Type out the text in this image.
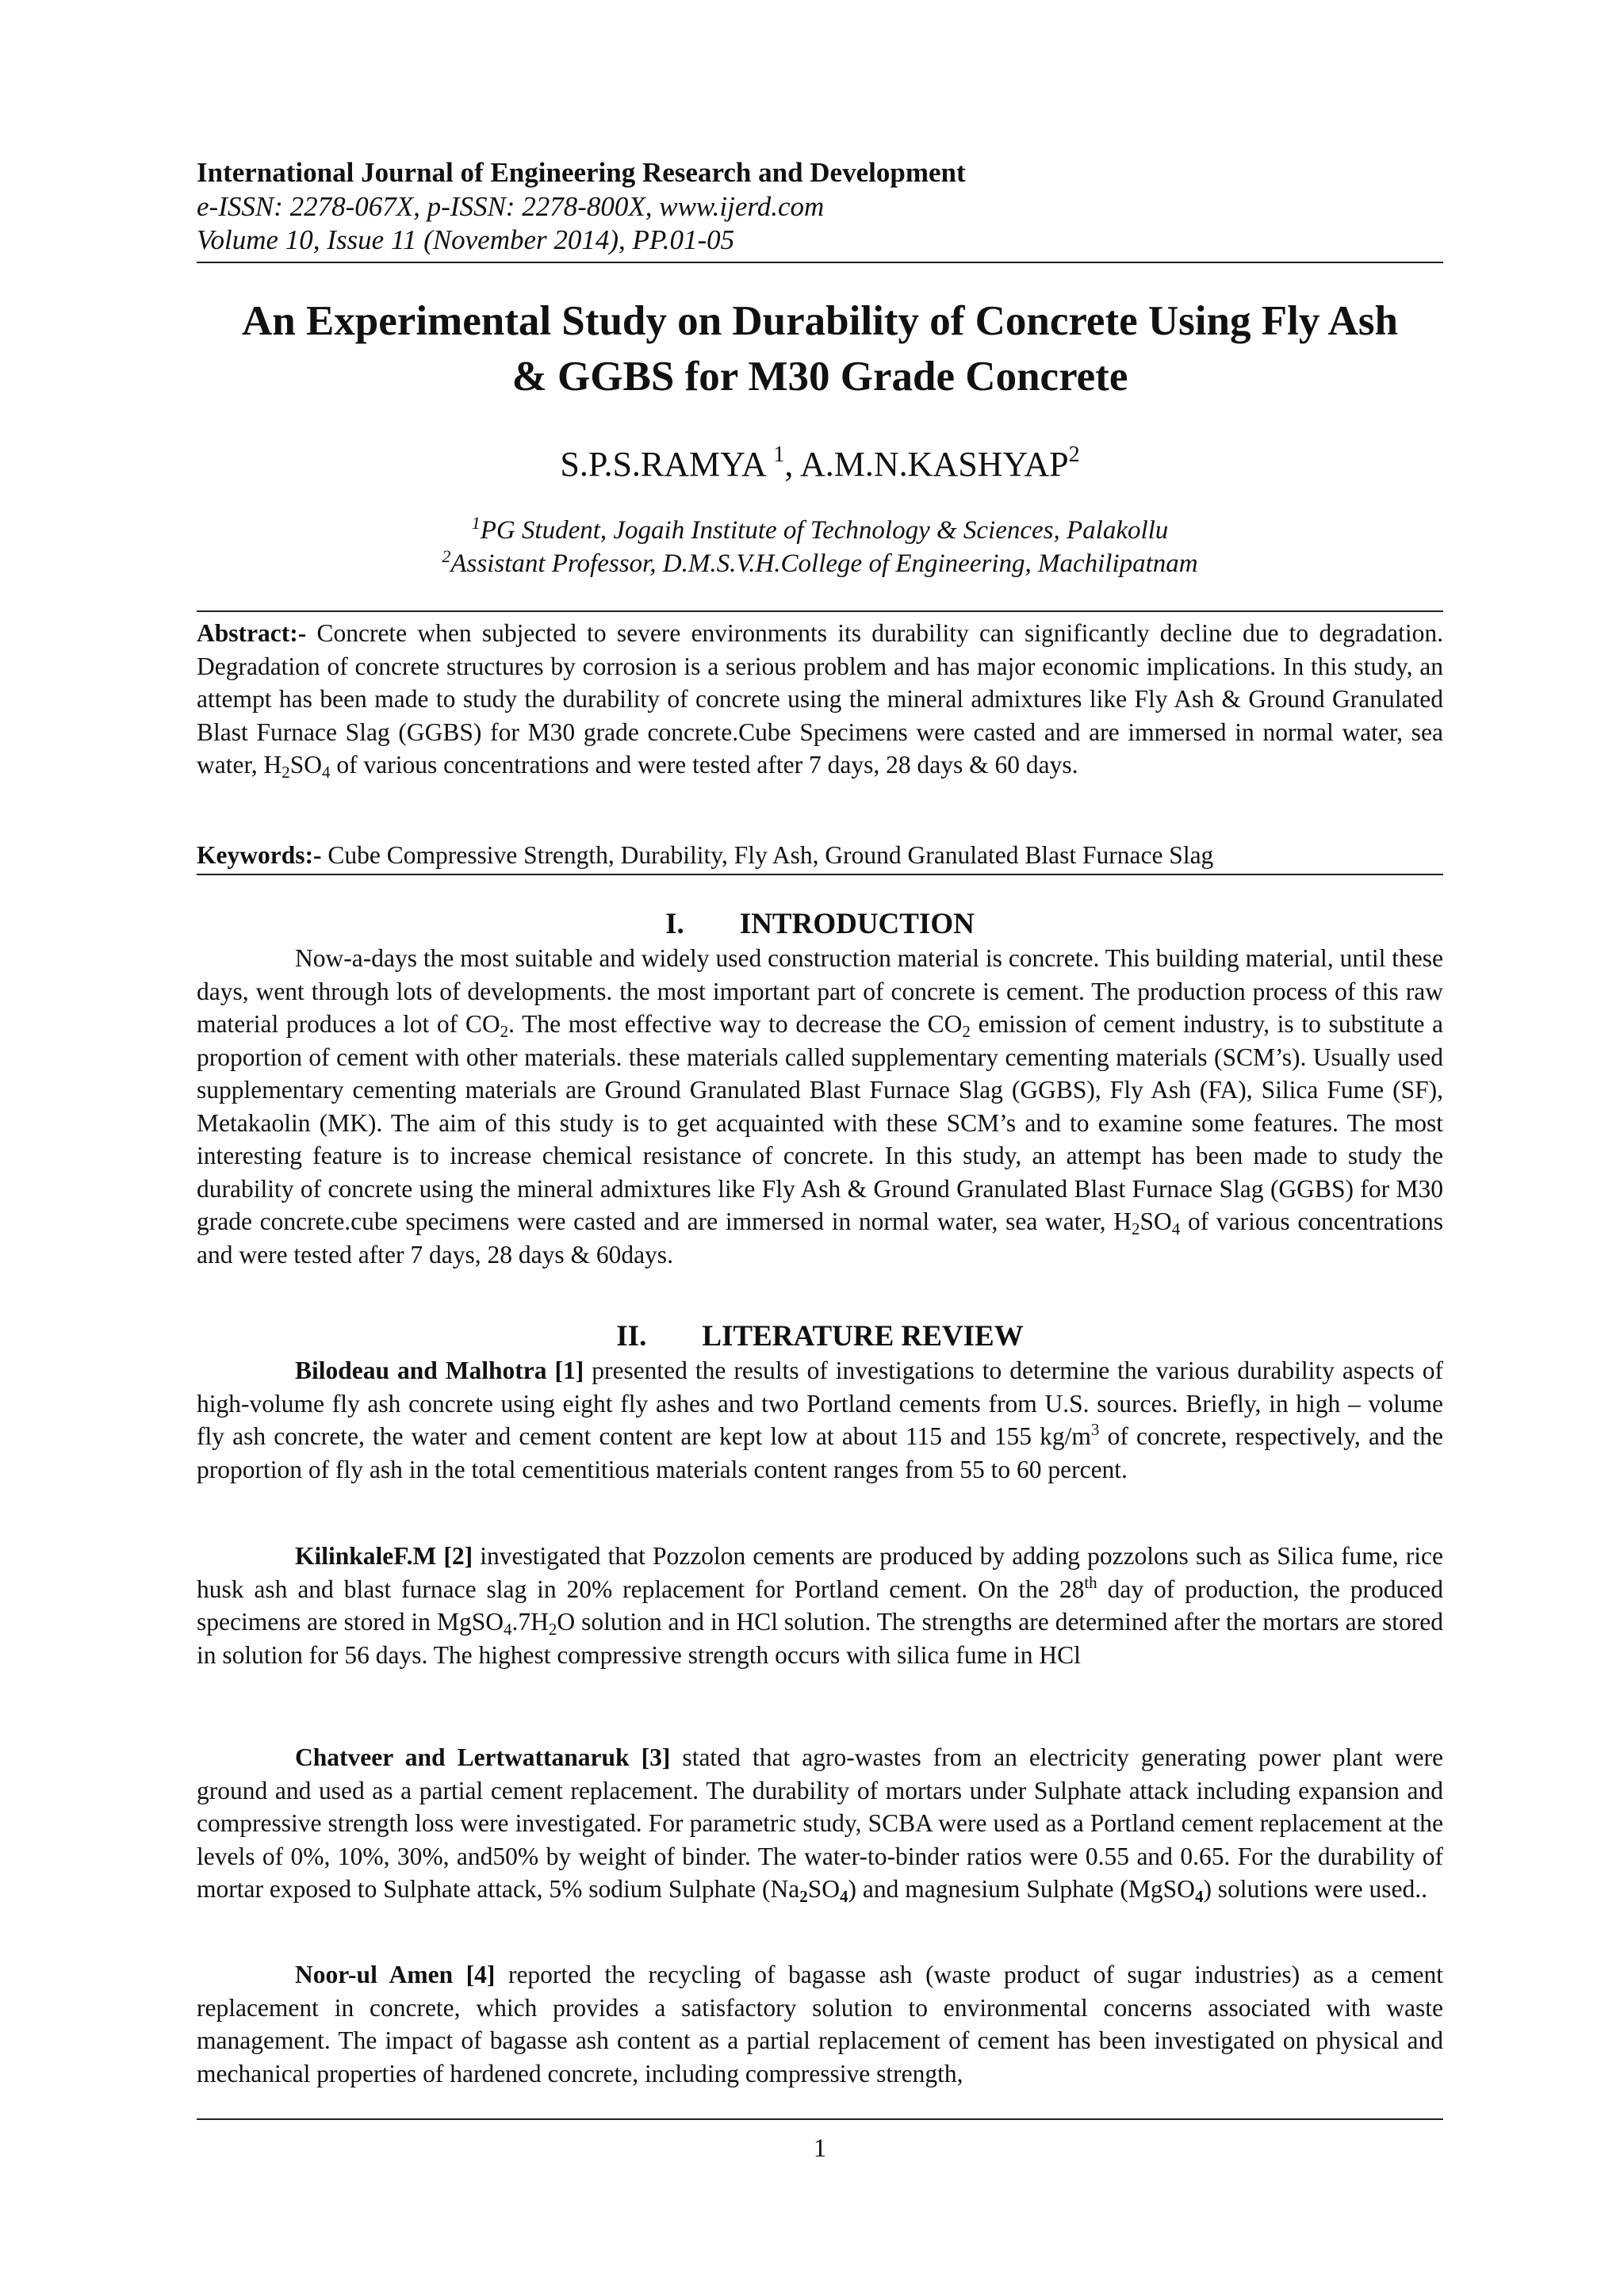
International Journal of Engineering Research and Development
e-ISSN: 2278-067X, p-ISSN: 2278-800X, www.ijerd.com
Volume 10, Issue 11 (November 2014), PP.01-05
An Experimental Study on Durability of Concrete Using Fly Ash
& GGBS for M30 Grade Concrete
S.P.S.RAMYA $^1$, A.M.N.KASHYAP$^2$
$^1$PG Student, Jogaih Institute of Technology & Sciences, Palakollu
$^2$Assistant Professor, D.M.S.V.H.College of Engineering, Machilipatnam
Abstract:- Concrete when subjected to severe environments its durability can significantly decline due to degradation. Degradation of concrete structures by corrosion is a serious problem and has major economic implications. In this study, an attempt has been made to study the durability of concrete using the mineral admixtures like Fly Ash & Ground Granulated Blast Furnace Slag (GGBS) for M30 grade concrete.Cube Specimens were casted and are immersed in normal water, sea water, $H_2SO_4$ of various concentrations and were tested after 7 days, 28 days & 60 days.
Keywords:- Cube Compressive Strength, Durability, Fly Ash, Ground Granulated Blast Furnace Slag
I. INTRODUCTION
Now-a-days the most suitable and widely used construction material is concrete. This building material, until these days, went through lots of developments. the most important part of concrete is cement. The production process of this raw material produces a lot of $CO_2$. The most effective way to decrease the $CO_2$ emission of cement industry, is to substitute a proportion of cement with other materials. these materials called supplementary cementing materials (SCM’s). Usually used supplementary cementing materials are Ground Granulated Blast Furnace Slag (GGBS), Fly Ash (FA), Silica Fume (SF), Metakaolin (MK). The aim of this study is to get acquainted with these SCM’s and to examine some features. The most interesting feature is to increase chemical resistance of concrete. In this study, an attempt has been made to study the durability of concrete using the mineral admixtures like Fly Ash & Ground Granulated Blast Furnace Slag (GGBS) for M30 grade concrete.cube specimens were casted and are immersed in normal water, sea water, $H_2SO_4$ of various concentrations and were tested after 7 days, 28 days & 60days.
II. LITERATURE REVIEW
Bilodeau and Malhotra [1] presented the results of investigations to determine the various durability aspects of high-volume fly ash concrete using eight fly ashes and two Portland cements from U.S. sources. Briefly, in high – volume fly ash concrete, the water and cement content are kept low at about 115 and 155 $kg/m^3$ of concrete, respectively, and the proportion of fly ash in the total cementitious materials content ranges from 55 to 60 percent.
KilinkaleF.M [2] investigated that Pozzolon cements are produced by adding pozzolons such as Silica fume, rice husk ash and blast furnace slag in 20% replacement for Portland cement. On the 28th day of production, the produced specimens are stored in $MgSO_4.7H_2O$ solution and in HCl solution. The strengths are determined after the mortars are stored in solution for 56 days. The highest compressive strength occurs with silica fume in HCl
Chatveer and Lertwattanaruk [3] stated that agro-wastes from an electricity generating power plant were ground and used as a partial cement replacement. The durability of mortars under Sulphate attack including expansion and compressive strength loss were investigated. For parametric study, SCBA were used as a Portland cement replacement at the levels of 0%, 10%, 30%, and50% by weight of binder. The water-to-binder ratios were 0.55 and 0.65. For the durability of mortar exposed to Sulphate attack, 5% sodium Sulphate $(Na_2SO_4)$ and magnesium Sulphate (MgSO$_4$) solutions were used..
Noor-ul Amen [4] reported the recycling of bagasse ash (waste product of sugar industries) as a cement replacement in concrete, which provides a satisfactory solution to environmental concerns associated with waste management. The impact of bagasse ash content as a partial replacement of cement has been investigated on physical and mechanical properties of hardened concrete, including compressive strength,
1
